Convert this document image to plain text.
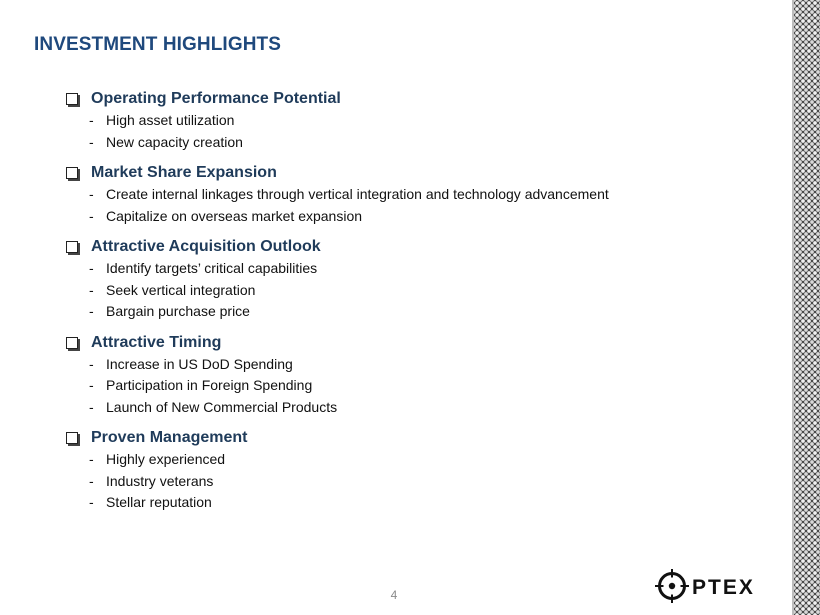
INVESTMENT HIGHLIGHTS
Operating Performance Potential
- High asset utilization
- New capacity creation
Market Share Expansion
- Create internal linkages through vertical integration and technology advancement
- Capitalize on overseas market expansion
Attractive Acquisition Outlook
- Identify targets’ critical capabilities
- Seek vertical integration
- Bargain purchase price
Attractive Timing
- Increase in US DoD Spending
- Participation in Foreign Spending
- Launch of New Commercial Products
Proven Management
- Highly experienced
- Industry veterans
- Stellar reputation
4	PTEX
